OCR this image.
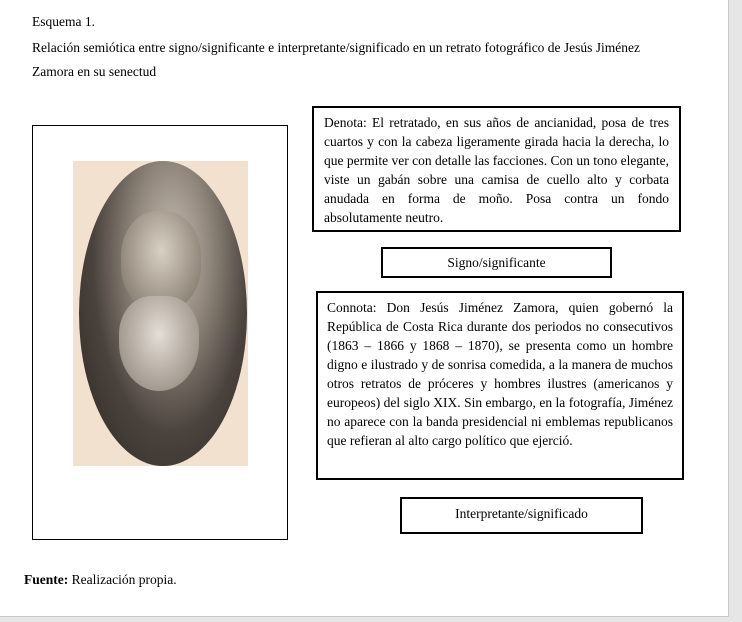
Esquema 1.
Relación semiótica entre signo/significante e interpretante/significado en un retrato fotográfico de Jesús Jiménez
Zamora en su senectud
Denota: El retratado, en sus años de ancianidad, posa de tres cuartos y con la cabeza ligeramente girada hacia la derecha, lo que permite ver con detalle las facciones. Con un tono elegante, viste un gabán sobre una camisa de cuello alto y corbata anudada en forma de moño. Posa contra un fondo absolutamente neutro.
Signo/significante
Connota: Don Jesús Jiménez Zamora, quien gobernó la República de Costa Rica durante dos periodos no consecutivos (1863 – 1866 y 1868 – 1870), se presenta como un hombre digno e ilustrado y de sonrisa comedida, a la manera de muchos otros retratos de próceres y hombres ilustres (americanos y europeos) del siglo XIX. Sin embargo, en la fotografía, Jiménez no aparece con la banda presidencial ni emblemas republicanos que refieran al alto cargo político que ejerció.
Interpretante/significado
Fuente: Realización propia.
